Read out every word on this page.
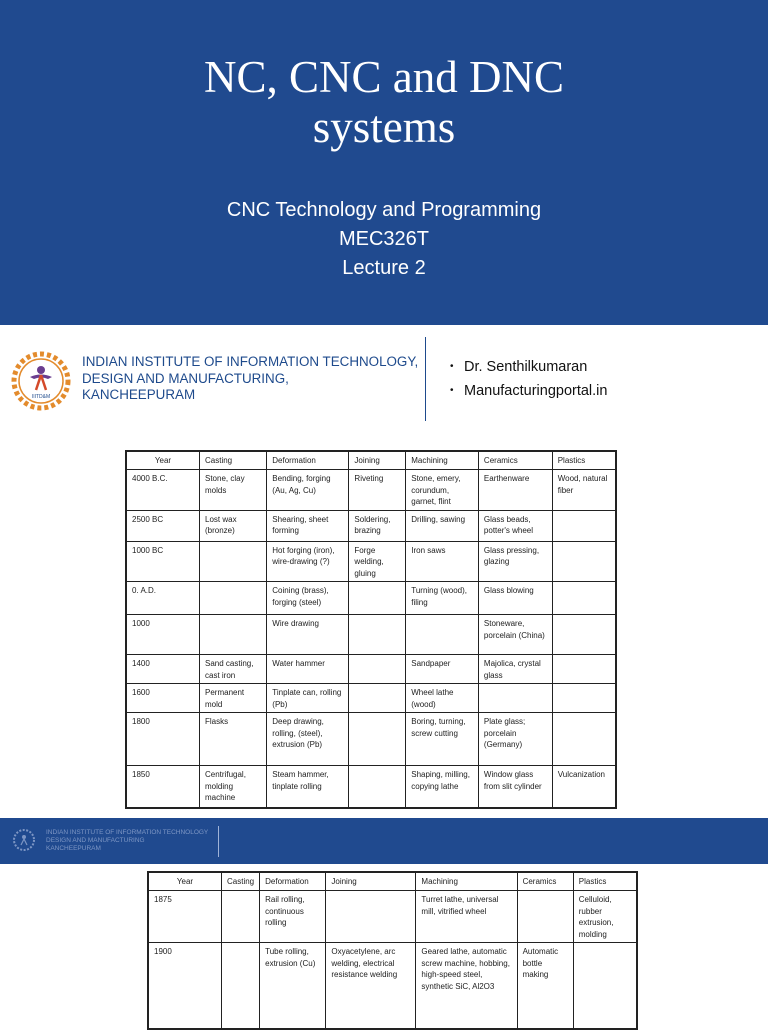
NC, CNC and DNC
systems
CNC Technology and Programming
MEC326T
Lecture 2
IIITD&M
INDIAN INSTITUTE OF INFORMATION TECHNOLOGY,
DESIGN AND MANUFACTURING,
KANCHEEPURAM
• Dr. Senthilkumaran
• Manufacturingportal.in
Year	Casting	Deformation	Joining	Machining	Ceramics	Plastics
4000 B.C.	Stone, clay molds	Bending, forging (Au, Ag, Cu)	Riveting	Stone, emery, corundum, garnet, flint	Earthenware	Wood, natural fiber
2500 BC	Lost wax (bronze)	Shearing, sheet forming	Soldering, brazing	Drilling, sawing	Glass beads, potter's wheel	
1000 BC		Hot forging (iron), wire-drawing (?)	Forge welding, gluing	Iron saws	Glass pressing, glazing	
0. A.D.		Coining (brass), forging (steel)		Turning (wood), filing	Glass blowing	
1000		Wire drawing			Stoneware, porcelain (China)	
1400	Sand casting, cast iron	Water hammer		Sandpaper	Majolica, crystal glass	
1600	Permanent mold	Tinplate can, rolling (Pb)		Wheel lathe (wood)		
1800	Flasks	Deep drawing, rolling, (steel), extrusion (Pb)		Boring, turning, screw cutting	Plate glass; porcelain (Germany)	
1850	Centrifugal, molding machine	Steam hammer, tinplate rolling		Shaping, milling, copying lathe	Window glass from slit cylinder	Vulcanization
INDIAN INSTITUTE OF INFORMATION TECHNOLOGY
DESIGN AND MANUFACTURING
KANCHEEPURAM
Year	Casting	Deformation	Joining	Machining	Ceramics	Plastics
1875		Rail rolling, continuous rolling		Turret lathe, universal mill, vitrified wheel		Celluloid, rubber extrusion, molding
1900		Tube rolling, extrusion (Cu)	Oxyacetylene, arc welding, electrical resistance welding	Geared lathe, automatic screw machine, hobbing, high-speed steel, synthetic SiC, Al2O3	Automatic bottle making	
